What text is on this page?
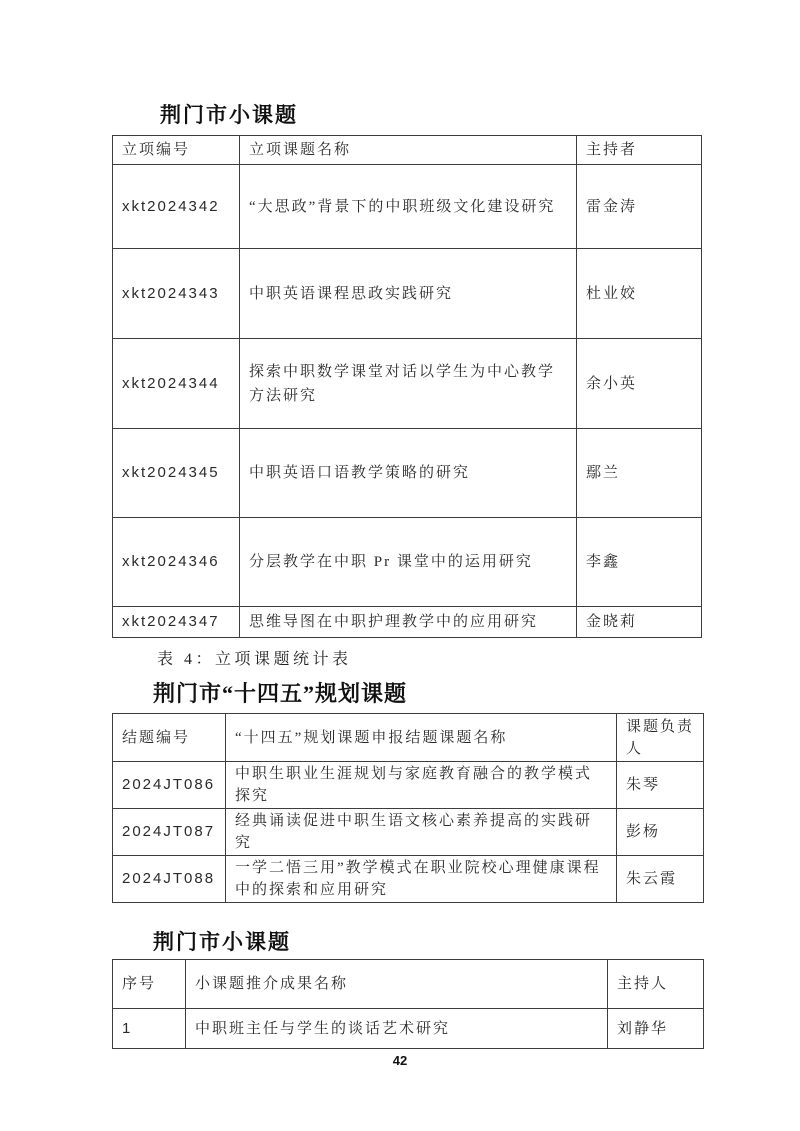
荆门市小课题
立项编号	立项课题名称	主持者
xkt2024342	“大思政”背景下的中职班级文化建设研究	雷金涛
xkt2024343	中职英语课程思政实践研究	杜业姣
xkt2024344	探索中职数学课堂对话以学生为中心教学方法研究	余小英
xkt2024345	中职英语口语教学策略的研究	鄢兰
xkt2024346	分层教学在中职 Pr 课堂中的运用研究	李鑫
xkt2024347	思维导图在中职护理教学中的应用研究	金晓莉
表 4：立项课题统计表
荆门市“十四五”规划课题
结题编号	“十四五”规划课题申报结题课题名称	课题负责人
2024JT086	中职生职业生涯规划与家庭教育融合的教学模式探究	朱琴
2024JT087	经典诵读促进中职生语文核心素养提高的实践研究	彭杨
2024JT088	一学二悟三用”教学模式在职业院校心理健康课程中的探索和应用研究	朱云霞
荆门市小课题
序号	小课题推介成果名称	主持人
1	中职班主任与学生的谈话艺术研究	刘静华
42
